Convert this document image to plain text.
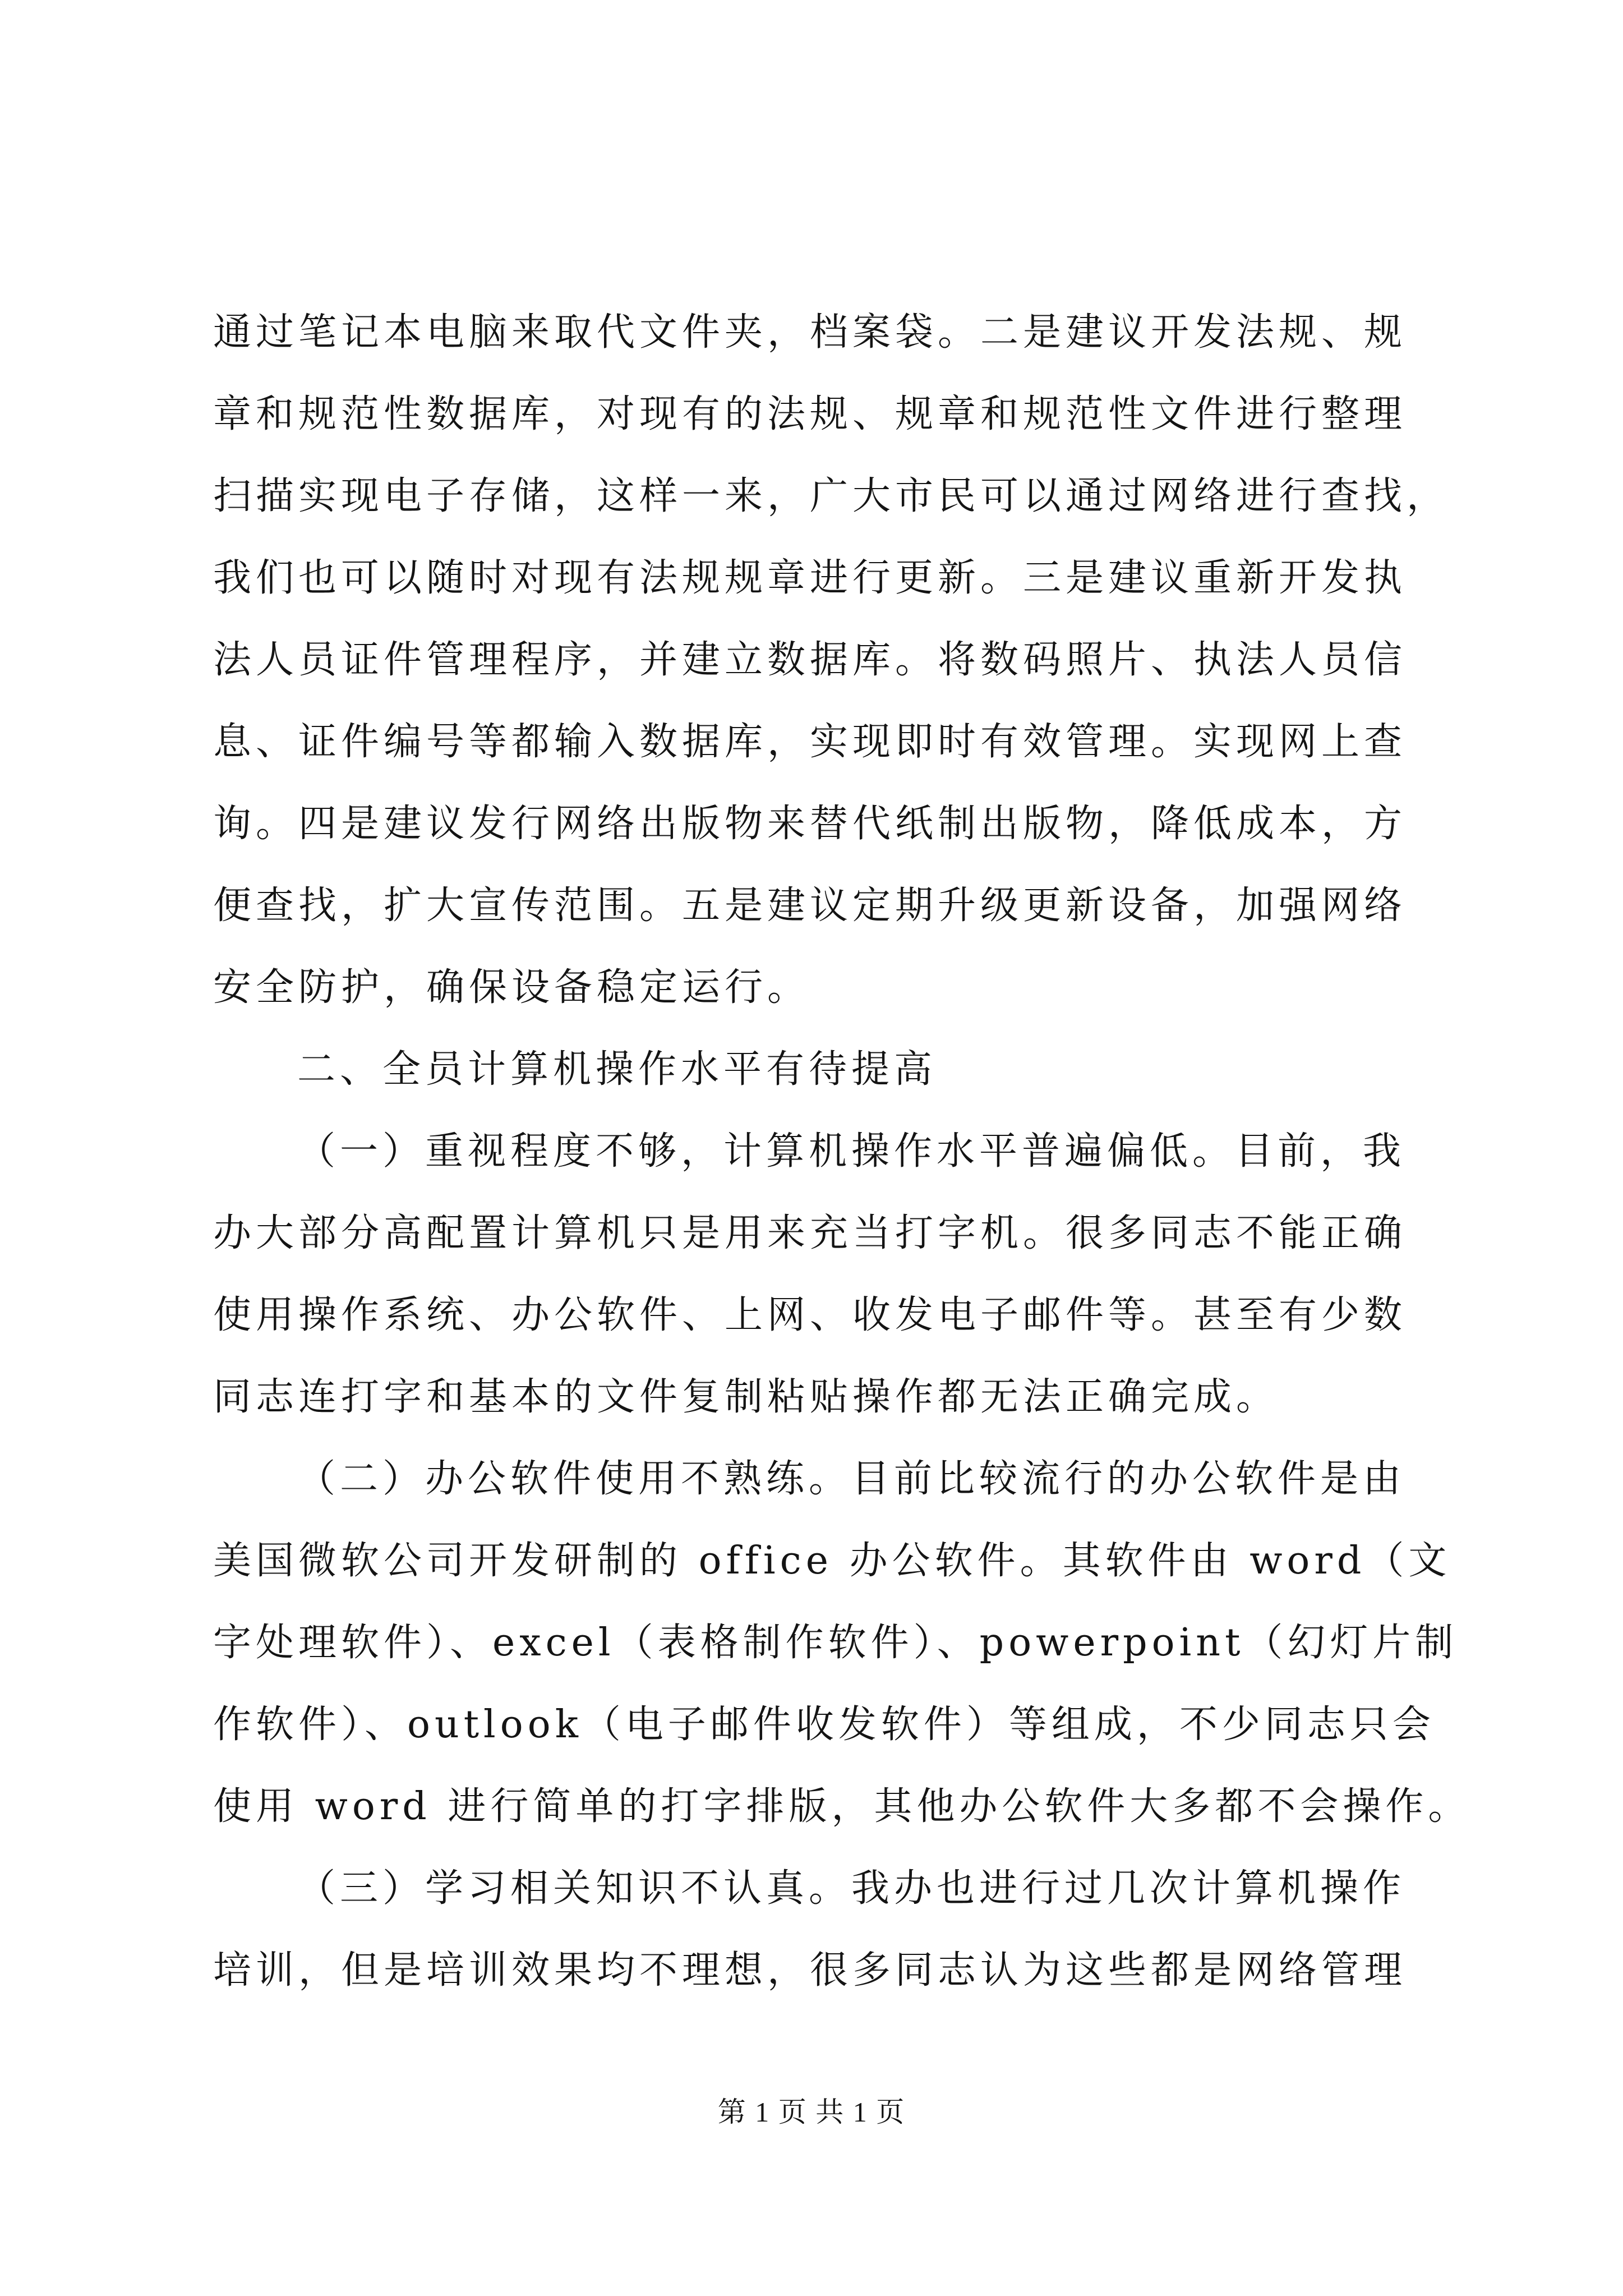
通过笔记本电脑来取代文件夹，档案袋。二是建议开发法规、规
章和规范性数据库，对现有的法规、规章和规范性文件进行整理
扫描实现电子存储，这样一来，广大市民可以通过网络进行查找，
我们也可以随时对现有法规规章进行更新。三是建议重新开发执
法人员证件管理程序，并建立数据库。将数码照片、执法人员信
息、证件编号等都输入数据库，实现即时有效管理。实现网上查
询。四是建议发行网络出版物来替代纸制出版物，降低成本，方
便查找，扩大宣传范围。五是建议定期升级更新设备，加强网络
安全防护，确保设备稳定运行。
二、全员计算机操作水平有待提高
（一）重视程度不够，计算机操作水平普遍偏低。目前，我
办大部分高配置计算机只是用来充当打字机。很多同志不能正确
使用操作系统、办公软件、上网、收发电子邮件等。甚至有少数
同志连打字和基本的文件复制粘贴操作都无法正确完成。
（二）办公软件使用不熟练。目前比较流行的办公软件是由
美国微软公司开发研制的 office 办公软件。其软件由 word（文
字处理软件）、excel（表格制作软件）、powerpoint（幻灯片制
作软件）、outlook（电子邮件收发软件）等组成，不少同志只会
使用 word 进行简单的打字排版，其他办公软件大多都不会操作。
（三）学习相关知识不认真。我办也进行过几次计算机操作
培训，但是培训效果均不理想，很多同志认为这些都是网络管理
第 1 页 共 1 页
